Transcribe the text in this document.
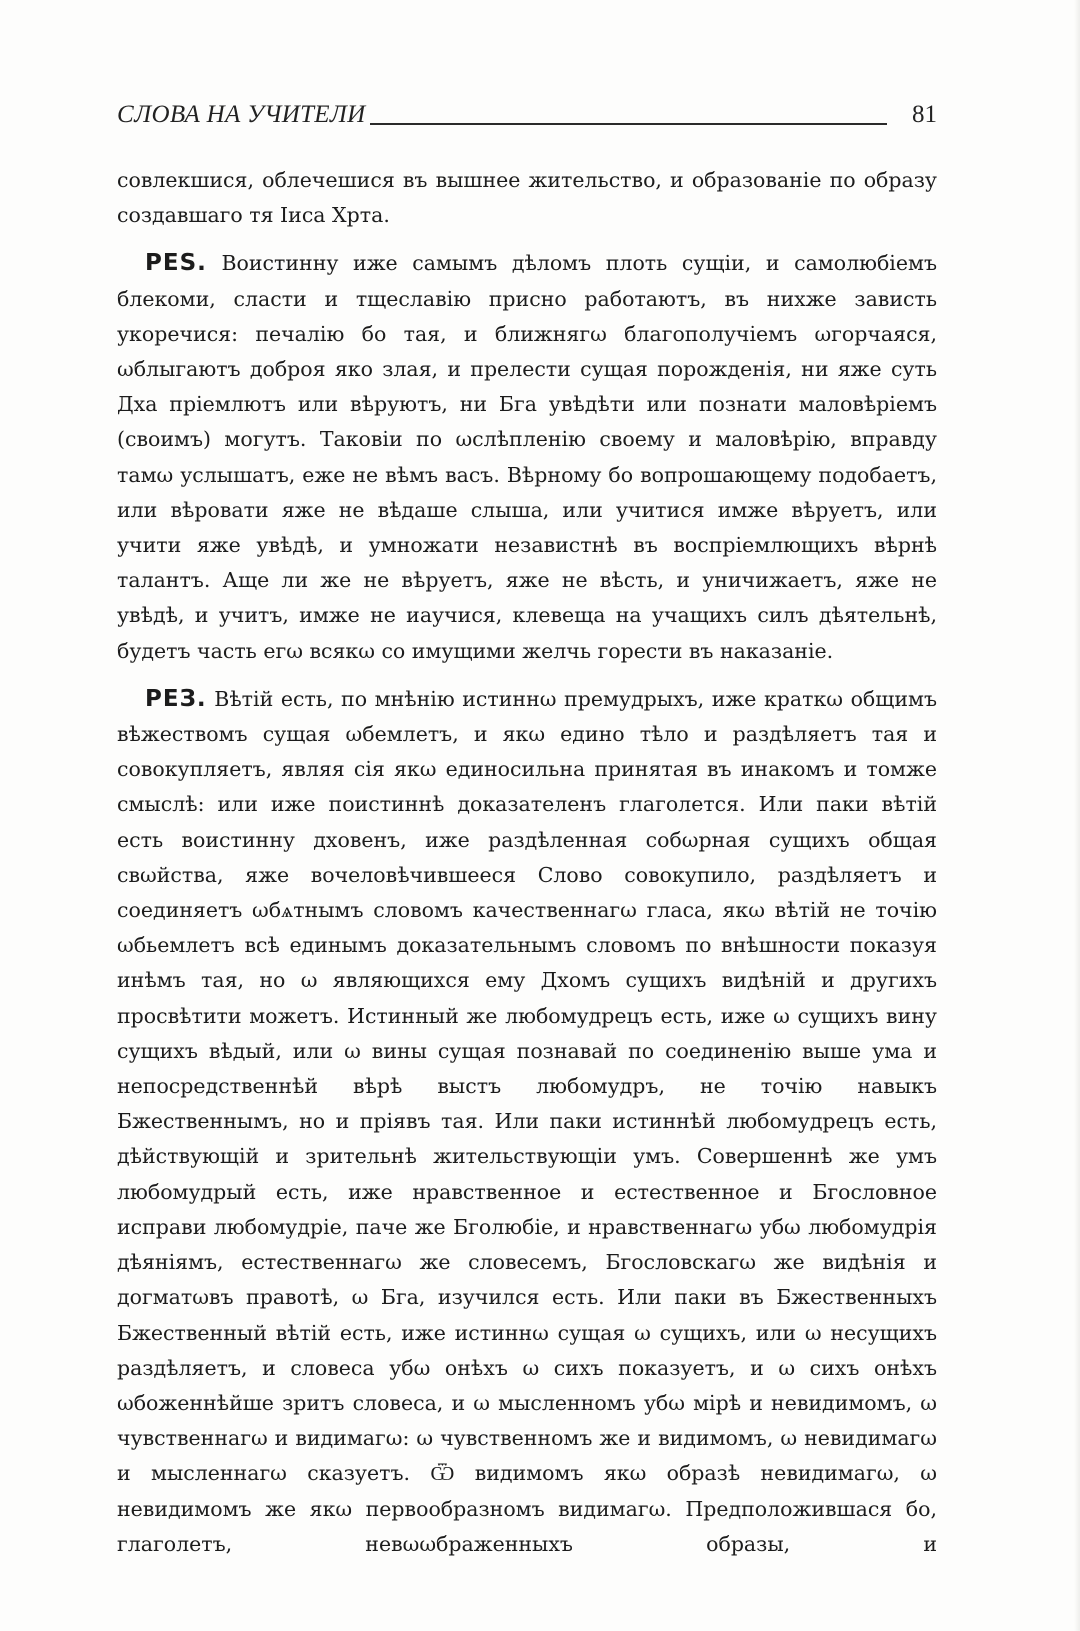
СЛОВА НА УЧИТЕЛИ	81

совлекшися, облечешися въ вышнее жительство, и образованіе по образу создавшаго тя Іиса Хрта.

РЕS. Воистинну иже самымъ дѣломъ плоть сущіи, и самолюбіемъ блекоми, сласти и тщеславію присно работаютъ, въ нихже зависть укоречися: печалію бо тая, и ближнягω благополучіемъ ωгорчаяся, ωблыгаютъ доброя яко злая, и прелести сущая порожденія, ни яже суть Дха пріемлютъ или вѣруютъ, ни Бга увѣдѣти или познати маловѣріемъ (своимъ) могутъ. Таковіи по ωслѣпленію своему и маловѣрію, вправду тамω услышатъ, еже не вѣмъ васъ. Вѣрному бо вопрошающему подобаетъ, или вѣровати яже не вѣдаше слыша, или учитися имже вѣруетъ, или учити яже увѣдѣ, и умножати независтнѣ въ воспріемлющихъ вѣрнѣ талантъ. Аще ли же не вѣруетъ, яже не вѣсть, и уничижаетъ, яже не увѣдѣ, и учитъ, имже не иаучися, клевеща на учащихъ силъ дѣятельнѣ, будетъ часть егω всякω со имущими желчь горести въ наказаніе.

РЕЗ. Вѣтій есть, по мнѣнію истиннω премудрыхъ, иже краткω общимъ вѣжествомъ сущая ωбемлетъ, и якω едино тѣло и раздѣляетъ тая и совокупляетъ, являя сія якω единосильна принятая въ инакомъ и томже смыслѣ: или иже поистиннѣ доказателенъ глаголется. Или паки вѣтій есть воистинну дховенъ, иже раздѣленная собωрная сущихъ общая свωйства, яже вочеловѣчившееся Слово совокупило, раздѣляетъ и соединяетъ ωбѧтнымъ словомъ качественнагω гласа, якω вѣтій не точію ωбьемлетъ всѣ единымъ доказательнымъ словомъ по внѣшности показуя инѣмъ тая, но ω являющихся ему Дхомъ сущихъ видѣній и другихъ просвѣтити можетъ. Истинный же любомудрецъ есть, иже ω сущихъ вину сущихъ вѣдый, или ω вины сущая познавай по соединенію выше ума и непосредственнѣй вѣрѣ выстъ любомудръ, не точію навыкъ Бжественнымъ, но и пріявъ тая. Или паки истиннѣй любомудрецъ есть, дѣйствующій и зрительнѣ жительствующіи умъ. Совершеннѣ же умъ любомудрый есть, иже нравственное и естественное и Бгословное исправи любомудріе, паче же Бголюбіе, и нравственнагω убω любомудрія дѣяніямъ, естественнагω же словесемъ, Бгословскагω же видѣнія и догматωвъ правотѣ, ω Бга, изучился есть. Или паки въ Бжественныхъ Бжественный вѣтій есть, иже истиннω сущая ω сущихъ, или ω несущихъ раздѣляетъ, и словеса убω онѣхъ ω сихъ показуетъ, и ω сихъ онѣхъ ωбоженнѣйше зритъ словеса, и ω мысленномъ убω мірѣ и невидимомъ, ω чувственнагω и видимагω: ω чувственномъ же и видимомъ, ω невидимагω и мысленнагω сказуетъ. Ѿ видимомъ якω образѣ невидимагω, ω невидимомъ же якω первообразномъ видимагω. Предположившася бо, глаголетъ, невωωбраженныхъ образы, и
